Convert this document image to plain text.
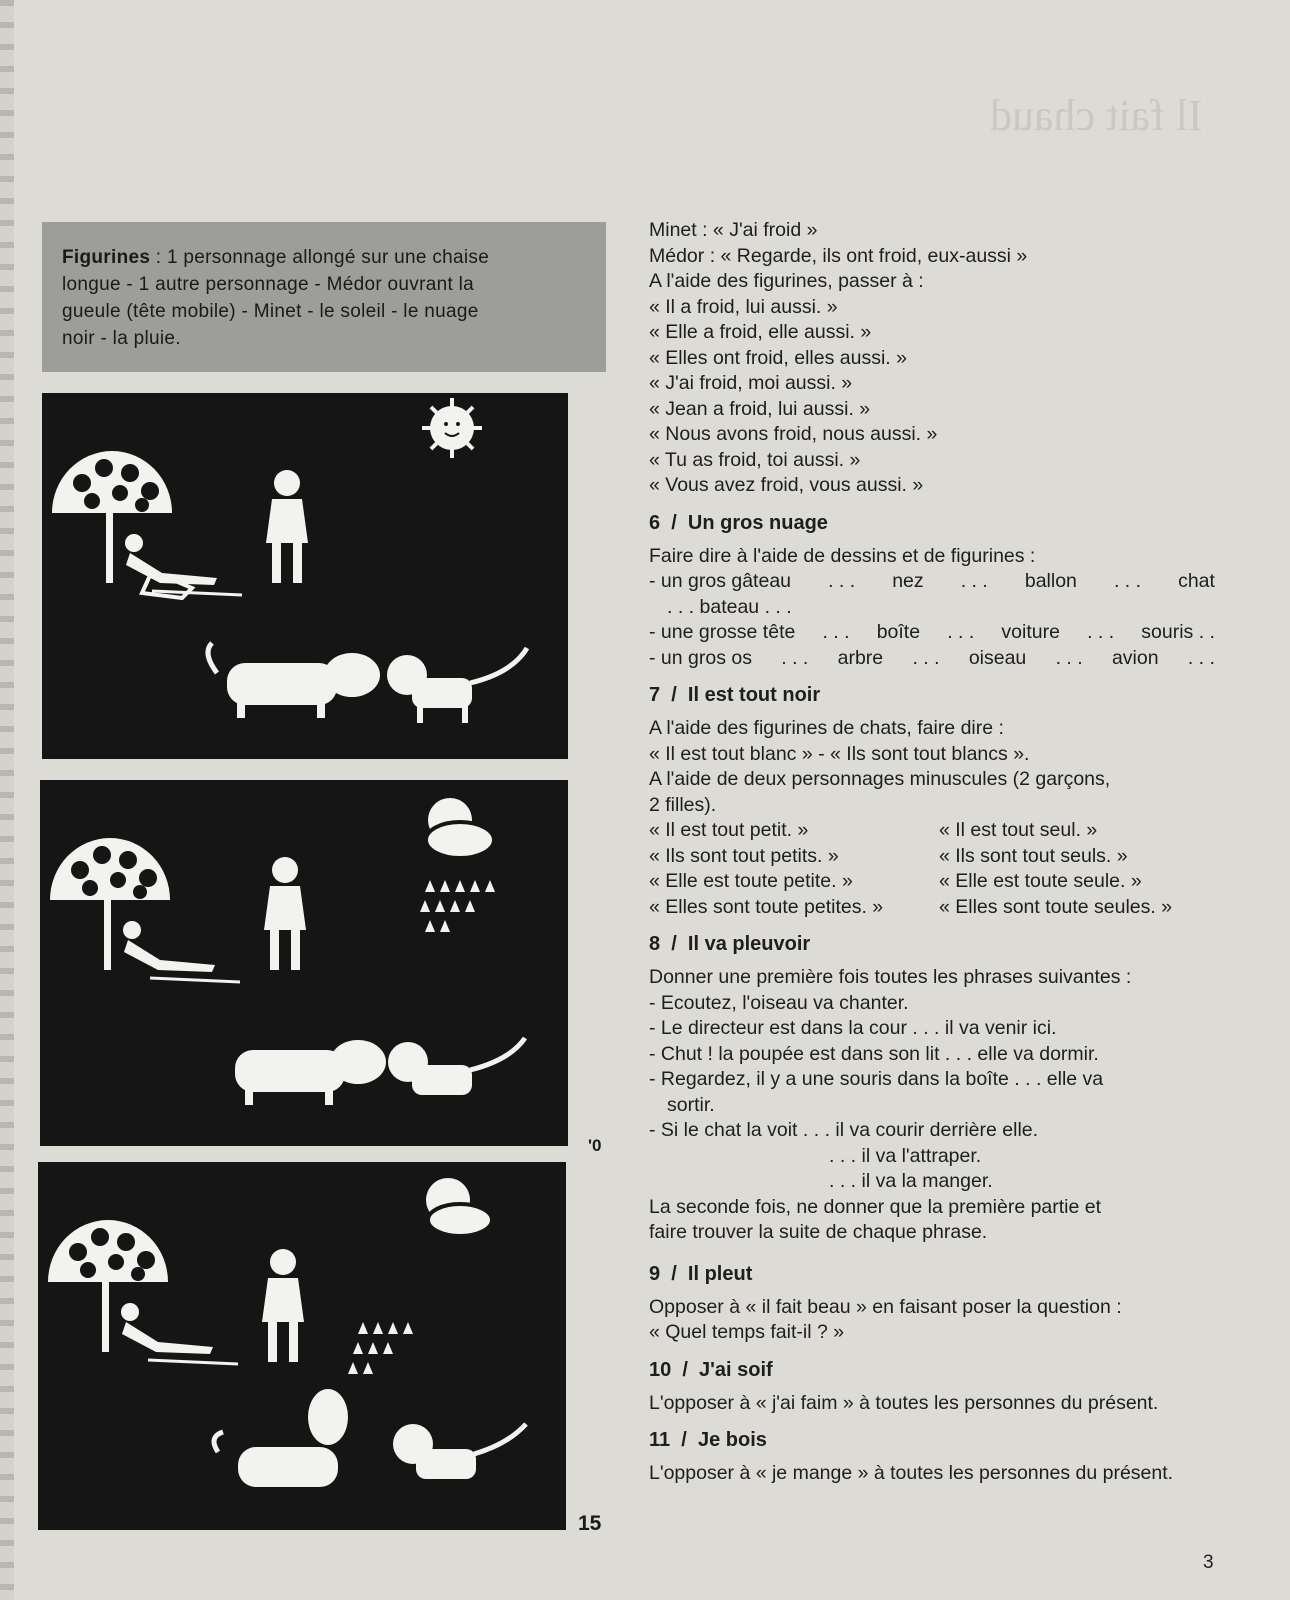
Il fait chaud
Figurines : 1 personnage allongé sur une chaise
longue - 1 autre personnage - Médor ouvrant la
gueule (tête mobile) - Minet - le soleil - le nuage
noir - la pluie.
'0
15
Minet : « J'ai froid »
Médor : « Regarde, ils ont froid, eux-aussi »
A l'aide des figurines, passer à :
« Il a froid, lui aussi. »
« Elle a froid, elle aussi. »
« Elles ont froid, elles aussi. »
« J'ai froid, moi aussi. »
« Jean a froid, lui aussi. »
« Nous avons froid, nous aussi. »
« Tu as froid, toi aussi. »
« Vous avez froid, vous aussi. »
6  /  Un gros nuage
Faire dire à l'aide de dessins et de figurines :
- un gros gâteau . . . nez . . . ballon . . . chat
. . . bateau . . .
- une grosse tête . . . boîte . . . voiture . . . souris . .
- un gros os . . . arbre . . . oiseau . . . avion . . .
7  /  Il est tout noir
A l'aide des figurines de chats, faire dire :
« Il est tout blanc » - « Ils sont tout blancs ».
A l'aide de deux personnages minuscules (2 garçons,
2 filles).
« Il est tout petit. »
« Ils sont tout petits. »
« Elle est toute petite. »
« Elles sont toute petites. »
« Il est tout seul. »
« Ils sont tout seuls. »
« Elle est toute seule. »
« Elles sont toute seules. »
8  /  Il va pleuvoir
Donner une première fois toutes les phrases suivantes :
- Ecoutez, l'oiseau va chanter.
- Le directeur est dans la cour . . . il va venir ici.
- Chut ! la poupée est dans son lit . . . elle va dormir.
- Regardez, il y a une souris dans la boîte . . . elle va
sortir.
- Si le chat la voit . . . il va courir derrière elle.
. . . il va l'attraper.
. . . il va la manger.
La seconde fois, ne donner que la première partie et
faire trouver la suite de chaque phrase.
9  /  Il pleut
Opposer à « il fait beau » en faisant poser la question :
« Quel temps fait-il ? »
10  /  J'ai soif
L'opposer à « j'ai faim » à toutes les personnes du présent.
11  /  Je bois
L'opposer à « je mange » à toutes les personnes du présent.
3
